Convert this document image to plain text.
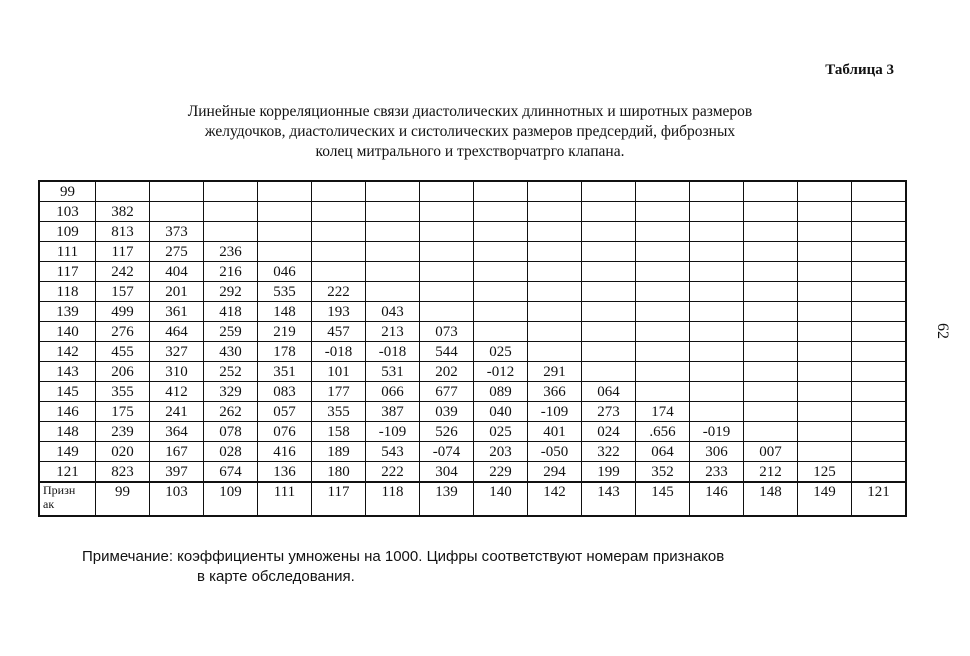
Таблица 3
Линейные корреляционные связи диастолических длиннотных и широтных размеров
желудочков, диастолических и систолических размеров предсердий, фиброзных
колец митрального и трехстворчатрго клапана.
62
99															
103	382														
109	813	373													
111	117	275	236												
117	242	404	216	046											
118	157	201	292	535	222										
139	499	361	418	148	193	043									
140	276	464	259	219	457	213	073								
142	455	327	430	178	-018	-018	544	025							
143	206	310	252	351	101	531	202	-012	291						
145	355	412	329	083	177	066	677	089	366	064					
146	175	241	262	057	355	387	039	040	-109	273	174				
148	239	364	078	076	158	-109	526	025	401	024	.656	-019			
149	020	167	028	416	189	543	-074	203	-050	322	064	306	007		
121	823	397	674	136	180	222	304	229	294	199	352	233	212	125	

Призн
ак	99	103	109	111	117	118	139	140	142	143	145	146	148	149	121
Примечание: коэффициенты умножены на 1000. Цифры соответствуют номерам признаков
в карте обследования.
